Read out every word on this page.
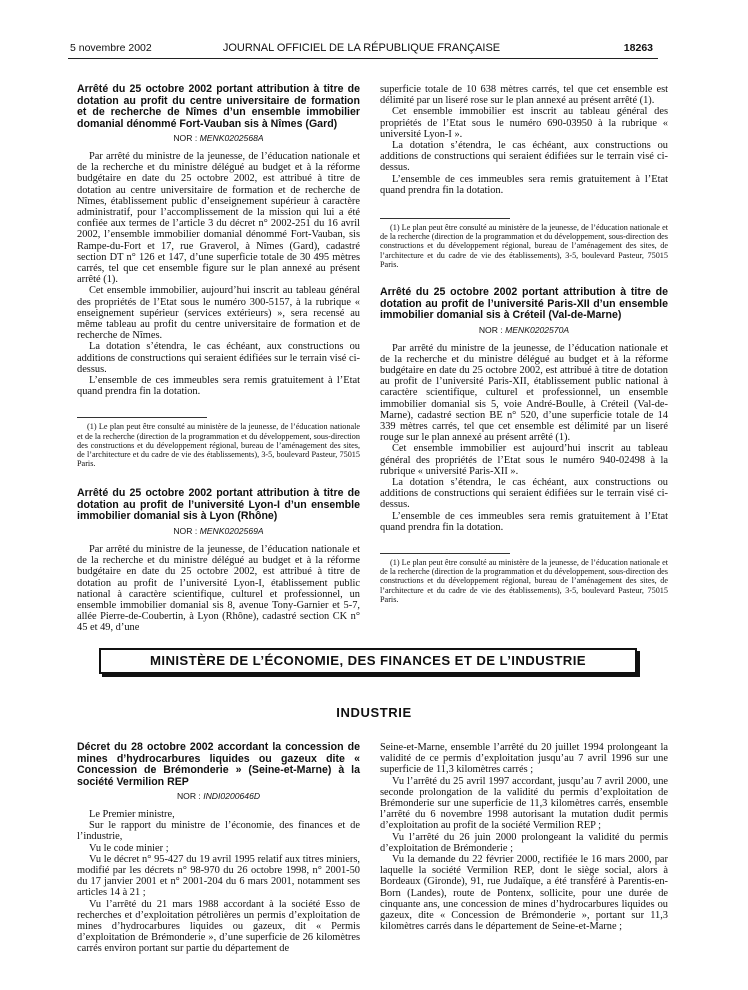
5 novembre 2002	JOURNAL OFFICIEL DE LA RÉPUBLIQUE FRANÇAISE	18263

Arrêté du 25 octobre 2002 portant attribution à titre de dotation au profit du centre universitaire de formation et de recherche de Nîmes d’un ensemble immobilier domanial dénommé Fort-Vauban sis à Nîmes (Gard)

NOR : MENK0202568A

Par arrêté du ministre de la jeunesse, de l’éducation nationale et de la recherche et du ministre délégué au budget et à la réforme budgétaire en date du 25 octobre 2002, est attribué à titre de dotation au centre universitaire de formation et de recherche de Nîmes, établissement public d’enseignement supérieur à caractère administratif, pour l’accomplissement de la mission qui lui a été confiée aux termes de l’article 3 du décret n° 2002-251 du 16 avril 2002, l’ensemble immobilier domanial dénommé Fort-Vauban, sis Rampe-du-Fort et 17, rue Graverol, à Nîmes (Gard), cadastré section DT n° 126 et 147, d’une superficie totale de 30 495 mètres carrés, tel que cet ensemble figure sur le plan annexé au présent arrêté (1).

Cet ensemble immobilier, aujourd’hui inscrit au tableau général des propriétés de l’Etat sous le numéro 300-5157, à la rubrique « enseignement supérieur (services extérieurs) », sera recensé au même tableau au profit du centre universitaire de formation et de recherche de Nîmes.

La dotation s’étendra, le cas échéant, aux constructions ou additions de constructions qui seraient édifiées sur le terrain visé ci-dessus.

L’ensemble de ces immeubles sera remis gratuitement à l’Etat quand prendra fin la dotation.

(1) Le plan peut être consulté au ministère de la jeunesse, de l’éducation nationale et de la recherche (direction de la programmation et du développement, sous-direction des constructions et du développement régional, bureau de l’aménagement des sites, de l’architecture et du cadre de vie des établissements), 3-5, boulevard Pasteur, 75015 Paris.

Arrêté du 25 octobre 2002 portant attribution à titre de dotation au profit de l’université Lyon-I d’un ensemble immobilier domanial sis à Lyon (Rhône)

NOR : MENK0202569A

Par arrêté du ministre de la jeunesse, de l’éducation nationale et de la recherche et du ministre délégué au budget et à la réforme budgétaire en date du 25 octobre 2002, est attribué à titre de dotation au profit de l’université Lyon-I, établissement public national à caractère scientifique, culturel et professionnel, un ensemble immobilier domanial sis 8, avenue Tony-Garnier et 5-7, allée Pierre-de-Coubertin, à Lyon (Rhône), cadastré section CK n° 45 et 49, d’une

superficie totale de 10 638 mètres carrés, tel que cet ensemble est délimité par un liseré rose sur le plan annexé au présent arrêté (1).

Cet ensemble immobilier est inscrit au tableau général des propriétés de l’Etat sous le numéro 690-03950 à la rubrique « université Lyon-I ».

La dotation s’étendra, le cas échéant, aux constructions ou additions de constructions qui seraient édifiées sur le terrain visé ci-dessus.

L’ensemble de ces immeubles sera remis gratuitement à l’Etat quand prendra fin la dotation.

(1) Le plan peut être consulté au ministère de la jeunesse, de l’éducation nationale et de la recherche (direction de la programmation et du développement, sous-direction des constructions et du développement régional, bureau de l’aménagement des sites, de l’architecture et du cadre de vie des établissements), 3-5, boulevard Pasteur, 75015 Paris.

Arrêté du 25 octobre 2002 portant attribution à titre de dotation au profit de l’université Paris-XII d’un ensemble immobilier domanial sis à Créteil (Val-de-Marne)

NOR : MENK0202570A

Par arrêté du ministre de la jeunesse, de l’éducation nationale et de la recherche et du ministre délégué au budget et à la réforme budgétaire en date du 25 octobre 2002, est attribué à titre de dotation au profit de l’université Paris-XII, établissement public national à caractère scientifique, culturel et professionnel, un ensemble immobilier domanial sis 5, voie André-Boulle, à Créteil (Val-de-Marne), cadastré section BE n° 520, d’une superficie totale de 14 339 mètres carrés, tel que cet ensemble est délimité par un liseré rouge sur le plan annexé au présent arrêté (1).

Cet ensemble immobilier est aujourd’hui inscrit au tableau général des propriétés de l’Etat sous le numéro 940-02498 à la rubrique « université Paris-XII ».

La dotation s’étendra, le cas échéant, aux constructions ou additions de constructions qui seraient édifiées sur le terrain visé ci-dessus.

L’ensemble de ces immeubles sera remis gratuitement à l’Etat quand prendra fin la dotation.

(1) Le plan peut être consulté au ministère de la jeunesse, de l’éducation nationale et de la recherche (direction de la programmation et du développement, sous-direction des constructions et du développement régional, bureau de l’aménagement des sites, de l’architecture et du cadre de vie des établissements), 3-5, boulevard Pasteur, 75015 Paris.

MINISTÈRE DE L’ÉCONOMIE, DES FINANCES ET DE L’INDUSTRIE
INDUSTRIE

Décret du 28 octobre 2002 accordant la concession de mines d’hydrocarbures liquides ou gazeux dite « Concession de Brémonderie » (Seine-et-Marne) à la société Vermilion REP

NOR : INDI0200646D

Le Premier ministre,

Sur le rapport du ministre de l’économie, des finances et de l’industrie,

Vu le code minier ;

Vu le décret n° 95-427 du 19 avril 1995 relatif aux titres miniers, modifié par les décrets n° 98-970 du 26 octobre 1998, n° 2001-50 du 17 janvier 2001 et n° 2001-204 du 6 mars 2001, notamment ses articles 14 à 21 ;

Vu l’arrêté du 21 mars 1988 accordant à la société Esso de recherches et d’exploitation pétrolières un permis d’exploitation de mines d’hydrocarbures liquides ou gazeux, dit « Permis d’exploitation de Brémonderie », d’une superficie de 26 kilomètres carrés environ portant sur partie du département de

Seine-et-Marne, ensemble l’arrêté du 20 juillet 1994 prolongeant la validité de ce permis d’exploitation jusqu’au 7 avril 1996 sur une superficie de 11,3 kilomètres carrés ;

Vu l’arrêté du 25 avril 1997 accordant, jusqu’au 7 avril 2000, une seconde prolongation de la validité du permis d’exploitation de Brémonderie sur une superficie de 11,3 kilomètres carrés, ensemble l’arrêté du 6 novembre 1998 autorisant la mutation dudit permis d’exploitation au profit de la société Vermilion REP ;

Vu l’arrêté du 26 juin 2000 prolongeant la validité du permis d’exploitation de Brémonderie ;

Vu la demande du 22 février 2000, rectifiée le 16 mars 2000, par laquelle la société Vermilion REP, dont le siège social, alors à Bordeaux (Gironde), 91, rue Judaïque, a été transféré à Parentis-en-Born (Landes), route de Pontenx, sollicite, pour une durée de cinquante ans, une concession de mines d’hydrocarbures liquides ou gazeux, dite « Concession de Brémonderie », portant sur 11,3 kilomètres carrés dans le département de Seine-et-Marne ;
